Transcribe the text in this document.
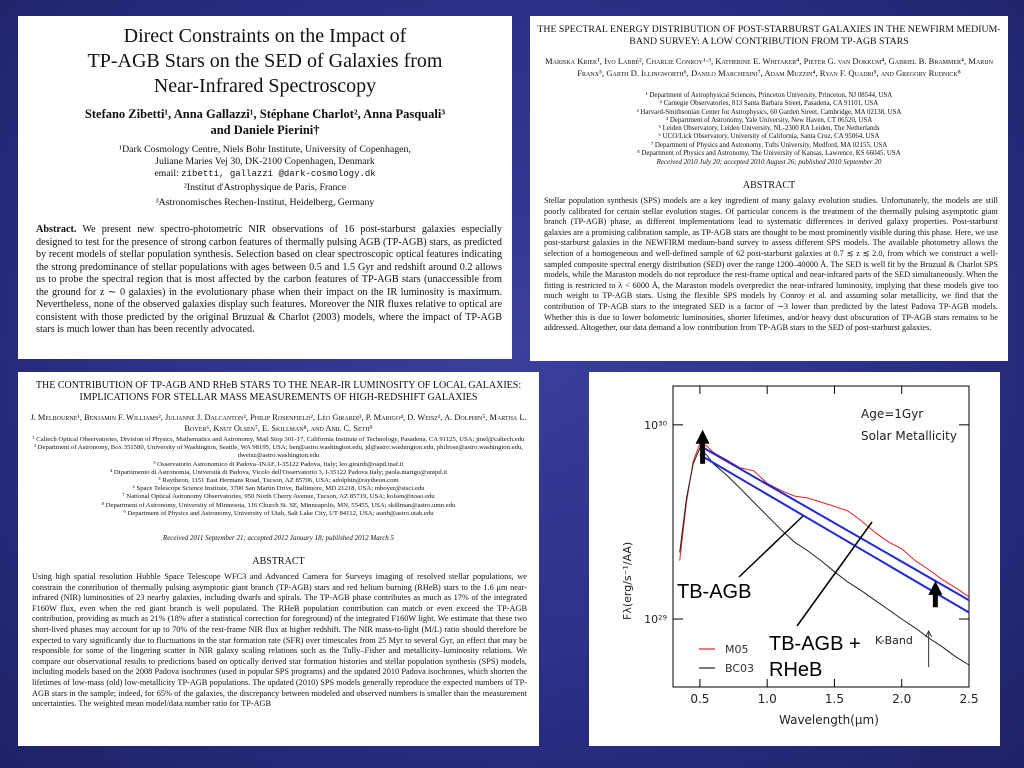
Direct Constraints on the Impact of
TP-AGB Stars on the SED of Galaxies from
Near-Infrared Spectroscopy
Stefano Zibetti¹, Anna Gallazzi¹, Stéphane Charlot², Anna Pasquali³
and Daniele Pierini†
¹Dark Cosmology Centre, Niels Bohr Institute, University of Copenhagen,
Juliane Maries Vej 30, DK-2100 Copenhagen, Denmark
email: zibetti, gallazzi @dark-cosmology.dk
²Institut d'Astrophysique de Paris, France
³Astronomisches Rechen-Institut, Heidelberg, Germany
Abstract. We present new spectro-photometric NIR observations of 16 post-starburst galaxies especially designed to test for the presence of strong carbon features of thermally pulsing AGB (TP-AGB) stars, as predicted by recent models of stellar population synthesis. Selection based on clear spectroscopic optical features indicating the strong predominance of stellar populations with ages between 0.5 and 1.5 Gyr and redshift around 0.2 allows us to probe the spectral region that is most affected by the carbon features of TP-AGB stars (unaccessible from the ground for z ∼ 0 galaxies) in the evolutionary phase when their impact on the IR luminosity is maximum. Nevertheless, none of the observed galaxies display such features. Moreover the NIR fluxes relative to optical are consistent with those predicted by the original Bruzual & Charlot (2003) models, where the impact of TP-AGB stars is much lower than has been recently advocated.
THE SPECTRAL ENERGY DISTRIBUTION OF POST-STARBURST GALAXIES IN THE NEWFIRM MEDIUM-BAND SURVEY: A LOW CONTRIBUTION FROM TP-AGB STARS
Mariska Kriek¹, Ivo Labbé², Charlie Conroy¹·³, Katherine E. Whitaker⁴, Pieter G. van Dokkum⁴, Gabriel B. Brammer⁴, Marijn Franx⁵, Garth D. Illingworth⁶, Danilo Marchesini⁷, Adam Muzzin⁴, Ryan F. Quadri⁵, and Gregory Rudnick⁸
¹ Department of Astrophysical Sciences, Princeton University, Princeton, NJ 08544, USA
² Carnegie Observatories, 813 Santa Barbara Street, Pasadena, CA 91101, USA
³ Harvard-Smithsonian Center for Astrophysics, 60 Garden Street, Cambridge, MA 02138, USA
⁴ Department of Astronomy, Yale University, New Haven, CT 06520, USA
⁵ Leiden Observatory, Leiden University, NL-2300 RA Leiden, The Netherlands
⁶ UCO/Lick Observatory, University of California, Santa Cruz, CA 95064, USA
⁷ Department of Physics and Astronomy, Tufts University, Medford, MA 02155, USA
⁸ Department of Physics and Astronomy, The University of Kansas, Lawrence, KS 66045, USA
Received 2010 July 20; accepted 2010 August 26; published 2010 September 20
ABSTRACT
Stellar population synthesis (SPS) models are a key ingredient of many galaxy evolution studies. Unfortunately, the models are still poorly calibrated for certain stellar evolution stages. Of particular concern is the treatment of the thermally pulsing asymptotic giant branch (TP-AGB) phase, as different implementations lead to systematic differences in derived galaxy properties. Post-starburst galaxies are a promising calibration sample, as TP-AGB stars are thought to be most prominently visible during this phase. Here, we use post-starburst galaxies in the NEWFIRM medium-band survey to assess different SPS models. The available photometry allows the selection of a homogeneous and well-defined sample of 62 post-starburst galaxies at 0.7 ≲ z ≲ 2.0, from which we construct a well-sampled composite spectral energy distribution (SED) over the range 1200–40000 Å. The SED is well fit by the Bruzual & Charlot SPS models, while the Maraston models do not reproduce the rest-frame optical and near-infrared parts of the SED simultaneously. When the fitting is restricted to λ < 6000 Å, the Maraston models overpredict the near-infrared luminosity, implying that these models give too much weight to TP-AGB stars. Using the flexible SPS models by Conroy et al. and assuming solar metallicity, we find that the contribution of TP-AGB stars to the integrated SED is a factor of ∼3 lower than predicted by the latest Padova TP-AGB models. Whether this is due to lower bolometric luminosities, shorter lifetimes, and/or heavy dust obscuration of TP-AGB stars remains to be addressed. Altogether, our data demand a low contribution from TP-AGB stars to the SED of post-starburst galaxies.
THE CONTRIBUTION OF TP-AGB AND RHeB STARS TO THE NEAR-IR LUMINOSITY OF LOCAL GALAXIES: IMPLICATIONS FOR STELLAR MASS MEASUREMENTS OF HIGH-REDSHIFT GALAXIES
J. Melbourne¹, Benjamin F. Williams², Julianne J. Dalcanton², Philip Rosenfield², Léo Girardi³, P. Marigo⁴, D. Weisz², A. Dolphin⁵, Martha L. Boyer⁶, Knut Olsen⁷, E. Skillman⁸, and Anil C. Seth⁹
¹ Caltech Optical Observatories, Division of Physics, Mathematics and Astronomy, Mail Stop 301-17, California Institute of Technology, Pasadena, CA 91125, USA; jmel@caltech.edu
² Department of Astronomy, Box 351580, University of Washington, Seattle, WA 98195, USA; ben@astro.washington.edu, jd@astro.washington.edu, philrose@astro.washington.edu, dweisz@astro.washington.edu
³ Osservatorio Astronomico di Padova–INAF, I-35122 Padova, Italy; leo.girardi@oapd.inaf.it
⁴ Dipartimento di Astronomia, Università di Padova, Vicolo dell'Osservatorio 3, I-35122 Padova Italy; paola.marigo@unipd.it
⁵ Raytheon, 1151 East Hermans Road, Tucson, AZ 85706, USA; adolphin@raytheon.com
⁶ Space Telescope Science Institute, 3700 San Martin Drive, Baltimore, MD 21218, USA; mboyer@stsci.edu
⁷ National Optical Astronomy Observatories, 950 North Cherry Avenue, Tucson, AZ 85719, USA; kolsen@noao.edu
⁸ Department of Astronomy, University of Minnesota, 116 Church St. SE, Minneapolis, MN, 55455, USA; skillman@astro.umn.edu
⁹ Department of Physics and Astronomy, University of Utah, Salt Lake City, UT 84112, USA; aseth@astro.utah.edu
Received 2011 September 21; accepted 2012 January 18; published 2012 March 5
ABSTRACT
Using high spatial resolution Hubble Space Telescope WFC3 and Advanced Camera for Surveys imaging of resolved stellar populations, we constrain the contribution of thermally pulsing asymptotic giant branch (TP-AGB) stars and red helium burning (RHeB) stars to the 1.6 μm near-infrared (NIR) luminosities of 23 nearby galaxies, including dwarfs and spirals. The TP-AGB phase contributes as much as 17% of the integrated F160W flux, even when the red giant branch is well populated. The RHeB population contribution can match or even exceed the TP-AGB contribution, providing as much as 21% (18% after a statistical correction for foreground) of the integrated F160W light. We estimate that these two short-lived phases may account for up to 70% of the rest-frame NIR flux at higher redshift. The NIR mass-to-light (M/L) ratio should therefore be expected to vary significantly due to fluctuations in the star formation rate (SFR) over timescales from 25 Myr to several Gyr, an effect that may be responsible for some of the lingering scatter in NIR galaxy scaling relations such as the Tully–Fisher and metallicity–luminosity relations. We compare our observational results to predictions based on optically derived star formation histories and stellar population synthesis (SPS) models, including models based on the 2008 Padova isochrones (used in popular SPS programs) and the updated 2010 Padova isochrones, which shorten the lifetimes of low-mass (old) low-metallicity TP-AGB populations. The updated (2010) SPS models generally reproduce the expected numbers of TP-AGB stars in the sample; indeed, for 65% of the galaxies, the discrepancy between modeled and observed numbers is smaller than the measurement uncertainties. The weighted mean model/data number ratio for TP-AGB	0.5	1.0	1.5	2.0	2.5
10²⁹
10³⁰
Age=1Gyr
Solar Metallicity
TB-AGB
TB-AGB +
RHeB
M05
BC03
K-Band
Fλ(erg/s⁻¹/AA)
Wavelength(μm)
